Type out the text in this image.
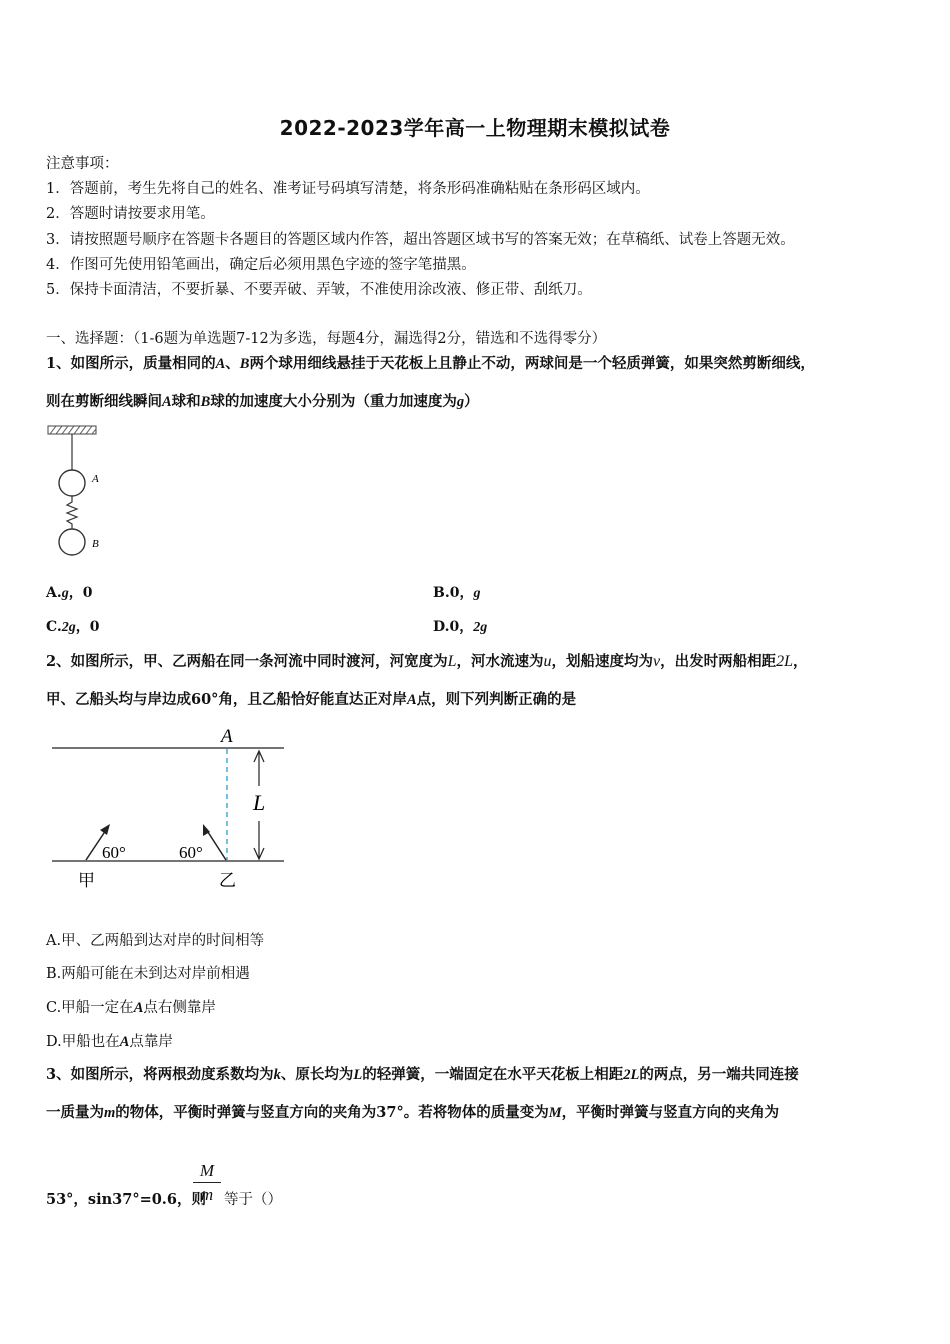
2022-2023学年高一上物理期末模拟试卷
注意事项：
1．答题前，考生先将自己的姓名、准考证号码填写清楚，将条形码准确粘贴在条形码区域内。
2．答题时请按要求用笔。
3．请按照题号顺序在答题卡各题目的答题区域内作答，超出答题区域书写的答案无效；在草稿纸、试卷上答题无效。
4．作图可先使用铅笔画出，确定后必须用黑色字迹的签字笔描黑。
5．保持卡面清洁，不要折暴、不要弄破、弄皱，不准使用涂改液、修正带、刮纸刀。
一、选择题：（1-6题为单选题7-12为多选，每题4分，漏选得2分，错选和不选得零分）
1、如图所示，质量相同的A、B两个球用细线悬挂于天花板上且静止不动，两球间是一个轻质弹簧，如果突然剪断细线，
则在剪断细线瞬间A球和B球的加速度大小分别为（重力加速度为g）
A
B
A.g，0	B.0，g
C.2g，0	D.0，2g
2、如图所示，甲、乙两船在同一条河流中同时渡河，河宽度为L，河水流速为u，划船速度均为v，出发时两船相距2L，
甲、乙船头均与岸边成60°角，且乙船恰好能直达正对岸A点，则下列判断正确的是
A
L
60°	60°
甲	乙
A.甲、乙两船到达对岸的时间相等
B.两船可能在未到达对岸前相遇
C.甲船一定在A点右侧靠岸
D.甲船也在A点靠岸
3、如图所示，将两根劲度系数均为k、原长均为L的轻弹簧，一端固定在水平天花板上相距2L的两点，另一端共同连接
一质量为m的物体，平衡时弹簧与竖直方向的夹角为37°。若将物体的质量变为M，平衡时弹簧与竖直方向的夹角为
53°，sin37°=0.6，则
M
m 等于（）
